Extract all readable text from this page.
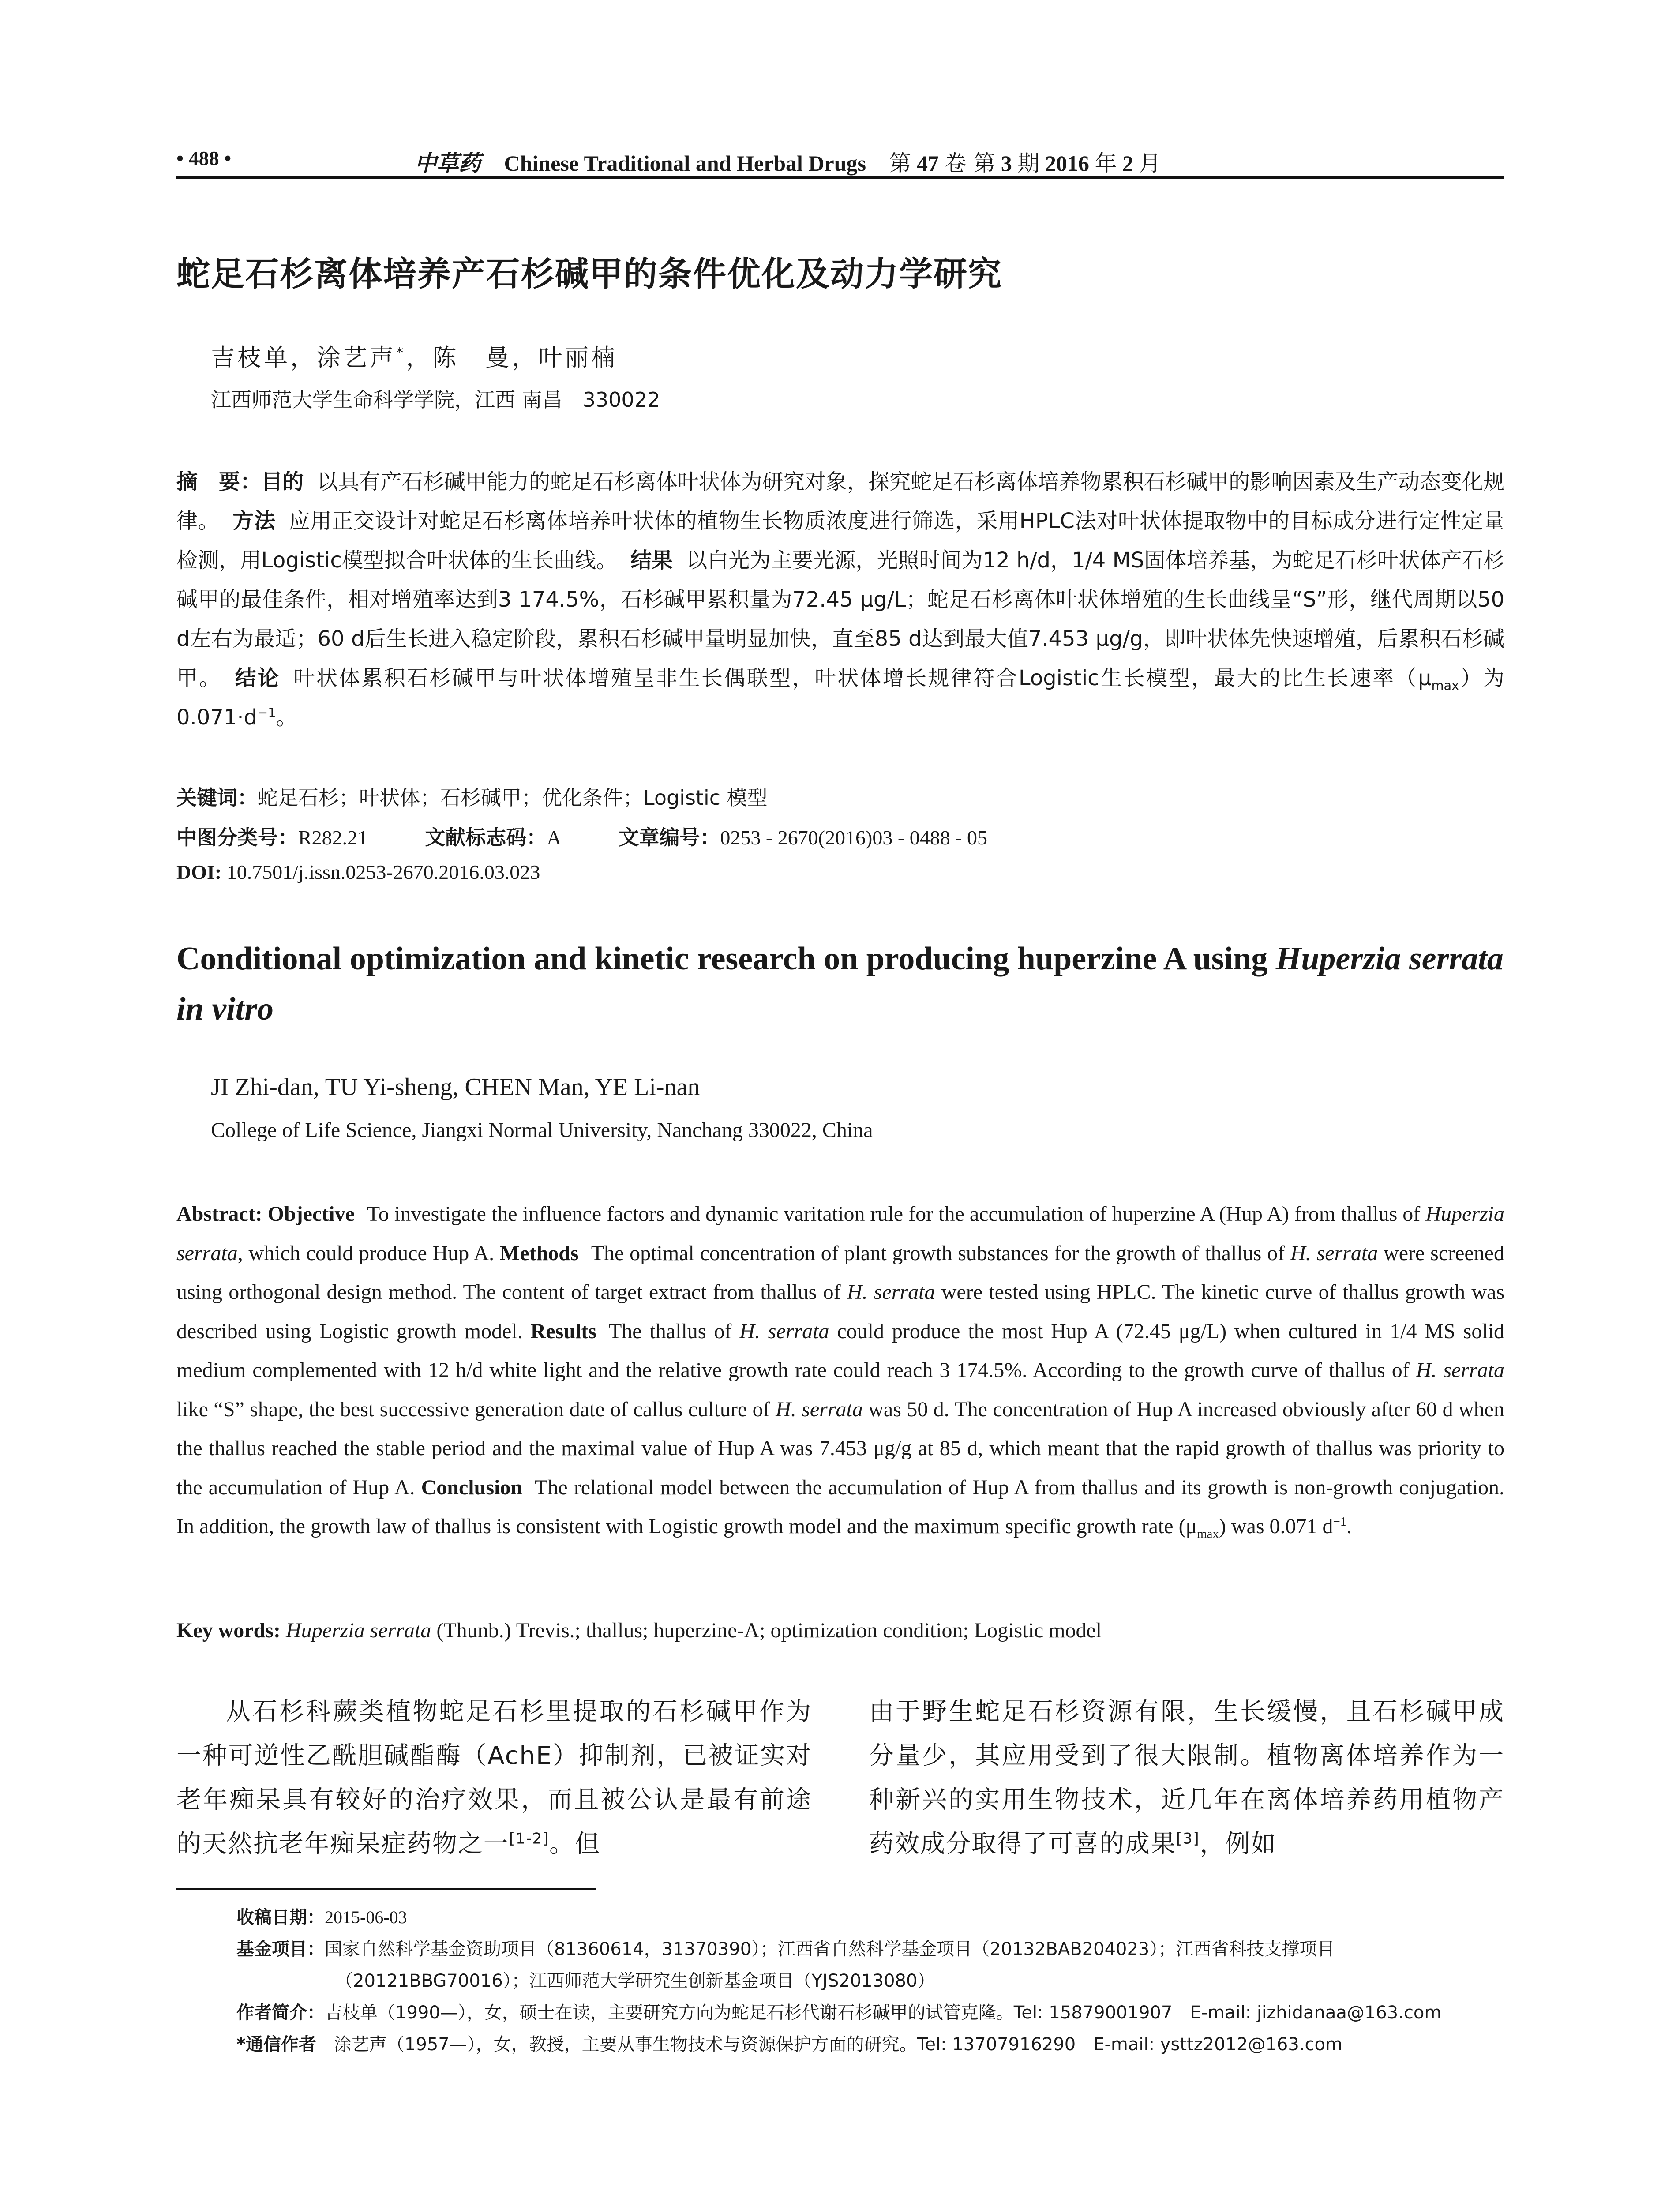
• 488 •	中草药 Chinese Traditional and Herbal Drugs 第 47 卷 第 3 期 2016 年 2 月
蛇足石杉离体培养产石杉碱甲的条件优化及动力学研究
吉枝单，涂艺声*，陈　曼，叶丽楠
江西师范大学生命科学学院，江西 南昌　330022
摘　要：目的 以具有产石杉碱甲能力的蛇足石杉离体叶状体为研究对象，探究蛇足石杉离体培养物累积石杉碱甲的影响因素及生产动态变化规律。 方法 应用正交设计对蛇足石杉离体培养叶状体的植物生长物质浓度进行筛选，采用HPLC法对叶状体提取物中的目标成分进行定性定量检测，用Logistic模型拟合叶状体的生长曲线。 结果 以白光为主要光源，光照时间为12 h/d，1/4 MS固体培养基，为蛇足石杉叶状体产石杉碱甲的最佳条件，相对增殖率达到3 174.5%，石杉碱甲累积量为72.45 μg/L；蛇足石杉离体叶状体增殖的生长曲线呈“S”形，继代周期以50 d左右为最适；60 d后生长进入稳定阶段，累积石杉碱甲量明显加快，直至85 d达到最大值7.453 μg/g，即叶状体先快速增殖，后累积石杉碱甲。 结论 叶状体累积石杉碱甲与叶状体增殖呈非生长偶联型，叶状体增长规律符合Logistic生长模型，最大的比生长速率$(\mu_{max})$为$0.071\cdot d^{-1}$。
关键词：蛇足石杉；叶状体；石杉碱甲；优化条件；Logistic 模型
中图分类号：R282.21	文献标志码：A	文章编号：0253 - 2670(2016)03 - 0488 - 05
DOI: 10.7501/j.issn.0253-2670.2016.03.023
Conditional optimization and kinetic research on producing huperzine A using Huperzia serrata in vitro
JI Zhi-dan, TU Yi-sheng, CHEN Man, YE Li-nan
College of Life Science, Jiangxi Normal University, Nanchang 330022, China
Abstract: Objective To investigate the influence factors and dynamic varitation rule for the accumulation of huperzine A (Hup A) from thallus of Huperzia serrata, which could produce Hup A. Methods The optimal concentration of plant growth substances for the growth of thallus of H. serrata were screened using orthogonal design method. The content of target extract from thallus of H. serrata were tested using HPLC. The kinetic curve of thallus growth was described using Logistic growth model. Results The thallus of H. serrata could produce the most Hup A (72.45 μg/L) when cultured in 1/4 MS solid medium complemented with 12 h/d white light and the relative growth rate could reach 3 174.5%. According to the growth curve of thallus of H. serrata like “S” shape, the best successive generation date of callus culture of H. serrata was 50 d. The concentration of Hup A increased obviously after 60 d when the thallus reached the stable period and the maximal value of Hup A was 7.453 μg/g at 85 d, which meant that the rapid growth of thallus was priority to the accumulation of Hup A. Conclusion The relational model between the accumulation of Hup A from thallus and its growth is non-growth conjugation. In addition, the growth law of thallus is consistent with Logistic growth model and the maximum specific growth rate $(\mu_{max})$ was 0.071 $d^{-1}$.
Key words: Huperzia serrata (Thunb.) Trevis.; thallus; huperzine-A; optimization condition; Logistic model
从石杉科蕨类植物蛇足石杉里提取的石杉碱甲作为一种可逆性乙酰胆碱酯酶（AchE）抑制剂，已被证实对老年痴呆具有较好的治疗效果，而且被公认是最有前途的天然抗老年痴呆症药物之一[1-2]。但
由于野生蛇足石杉资源有限，生长缓慢，且石杉碱甲成分量少，其应用受到了很大限制。植物离体培养作为一种新兴的实用生物技术，近几年在离体培养药用植物产药效成分取得了可喜的成果[3]，例如
收稿日期：2015-06-03
基金项目：国家自然科学基金资助项目（81360614，31370390）；江西省自然科学基金项目（20132BAB204023）；江西省科技支撑项目
（20121BBG70016）；江西师范大学研究生创新基金项目（YJS2013080）
作者简介：吉枝单（1990—），女，硕士在读，主要研究方向为蛇足石杉代谢石杉碱甲的试管克隆。Tel: 15879001907　E-mail: jizhidanaa@163.com
*通信作者　涂艺声（1957—），女，教授，主要从事生物技术与资源保护方面的研究。Tel: 13707916290　E-mail: ysttz2012@163.com
